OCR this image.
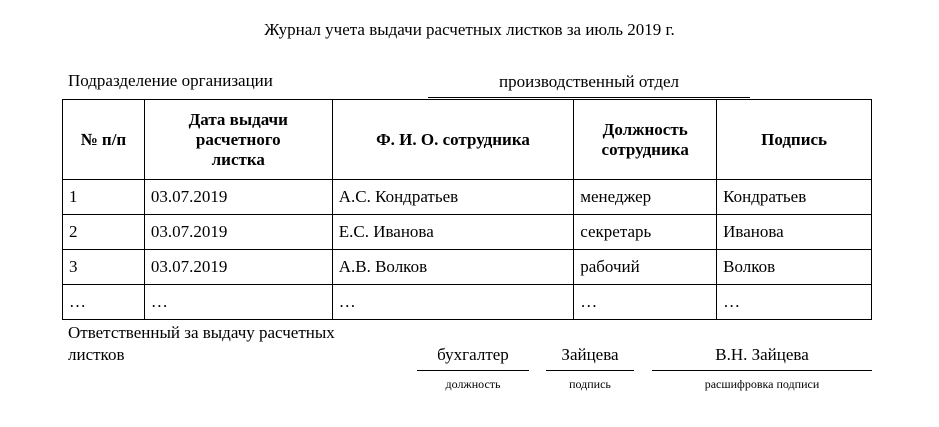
Журнал учета выдачи расчетных листков за июль 2019 г.
Подразделение организации	производственный отдел
№ п/п	Дата выдачи расчетного листка	Ф. И. О. сотрудника	Должность сотрудника	Подпись
1	03.07.2019	А.С. Кондратьев	менеджер	Кондратьев
2	03.07.2019	Е.С. Иванова	секретарь	Иванова
3	03.07.2019	А.В. Волков	рабочий	Волков
…	…	…	…	…
Ответственный за выдачу расчетных листков	бухгалтер
должность
Зайцева
подпись
В.Н. Зайцева
расшифровка подписи
